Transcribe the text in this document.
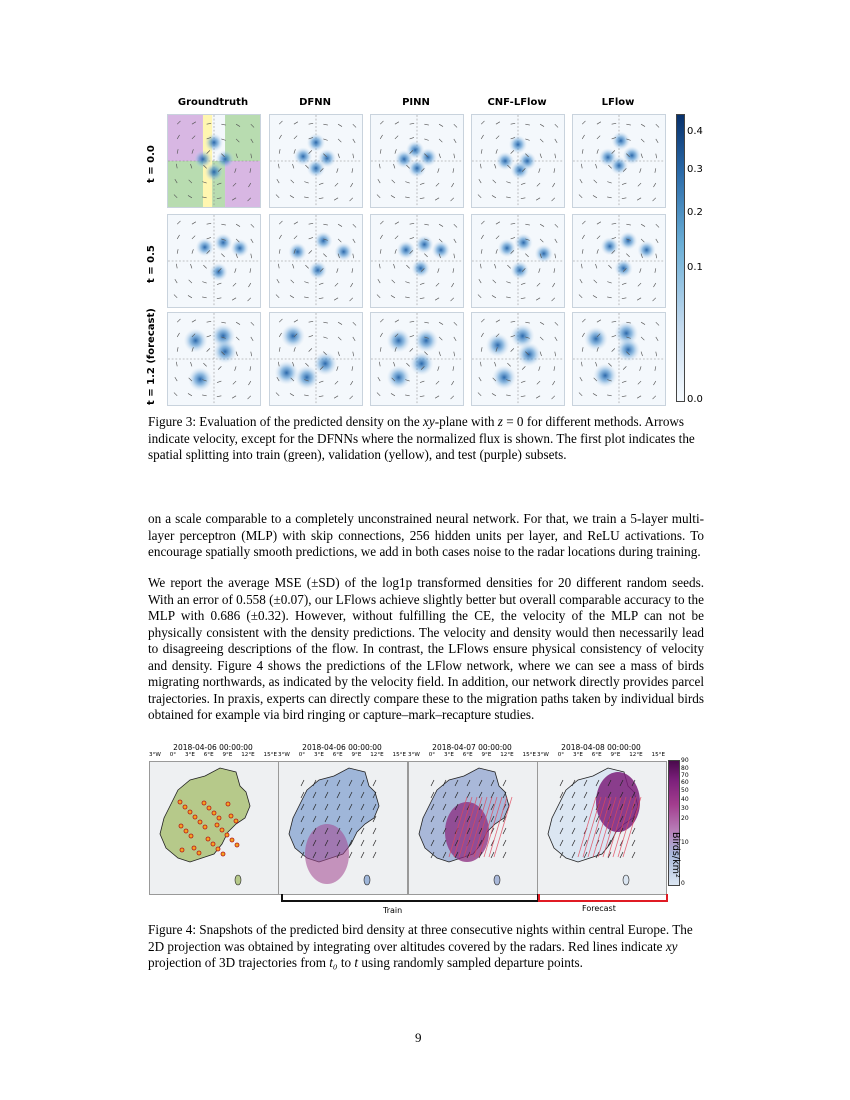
Groundtruth	DFNN	PINN	CNF-LFlow	LFlow
t = 0.0
t = 0.5
t = 1.2 (forecast)
0.4
0.3
0.2
0.1
0.0
Figure 3: Evaluation of the predicted density on the xy-plane with z = 0 for different methods. Arrows indicate velocity, except for the DFNNs where the normalized flux is shown. The first plot indicates the spatial splitting into train (green), validation (yellow), and test (purple) subsets.
on a scale comparable to a completely unconstrained neural network. For that, we train a 5-layer multi-layer perceptron (MLP) with skip connections, 256 hidden units per layer, and ReLU activations. To encourage spatially smooth predictions, we add in both cases noise to the radar locations during training.
We report the average MSE (±SD) of the log1p transformed densities for 20 different random seeds. With an error of 0.558 (±0.07), our LFlows achieve slightly better but overall comparable accuracy to the MLP with 0.686 (±0.32). However, without fulfilling the CE, the velocity of the MLP can not be physically consistent with the density predictions. The velocity and density would then necessarily lead to disagreeing descriptions of the flow. In contrast, the LFlows ensure physical consistency of velocity and density. Figure 4 shows the predictions of the LFlow network, where we can see a mass of birds migrating northwards, as indicated by the velocity field. In addition, our network directly provides parcel trajectories. In praxis, experts can directly compare these to the migration paths taken by individual birds obtained for example via bird ringing or capture–mark–recapture studies.
2018-04-06 00:00:00	2018-04-06 00:00:00	2018-04-07 00:00:00	2018-04-08 00:00:00
3°W 0° 3°E 6°E 9°E 12°E 15°E 3°W 0° 3°E 6°E 9°E 12°E 15°E 3°W 0° 3°E 6°E 9°E 12°E 15°E 3°W 0° 3°E 6°E 9°E 12°E 15°E
90
80
70
60
50
40
30
20
10
0
Birds/km²
Train	Forecast
Figure 4: Snapshots of the predicted bird density at three consecutive nights within central Europe. The 2D projection was obtained by integrating over altitudes covered by the radars. Red lines indicate xy projection of 3D trajectories from t₀ to t using randomly sampled departure points.
9
